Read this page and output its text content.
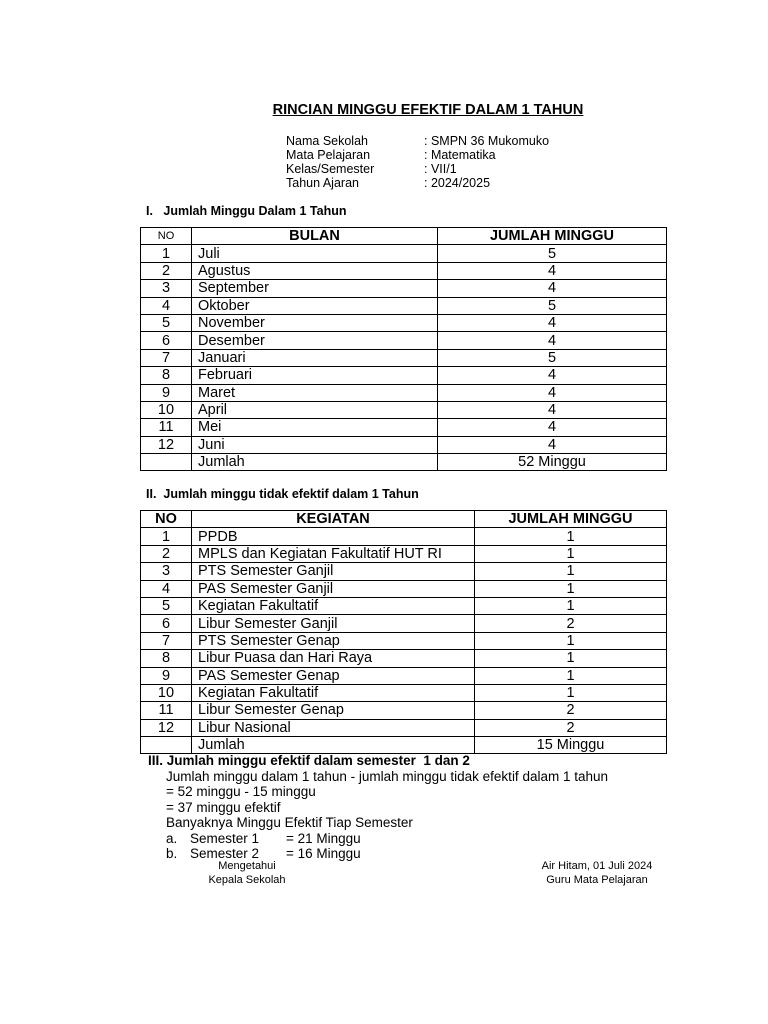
RINCIAN MINGGU EFEKTIF DALAM 1 TAHUN
Nama Sekolah	: SMPN 36 Mukomuko
Mata Pelajaran	: Matematika
Kelas/Semester	: VII/1
Tahun Ajaran	: 2024/2025
I.   Jumlah Minggu Dalam 1 Tahun
NO	BULAN	JUMLAH MINGGU
1	Juli	5
2	Agustus	4
3	September	4
4	Oktober	5
5	November	4
6	Desember	4
7	Januari	5
8	Februari	4
9	Maret	4
10	April	4
11	Mei	4
12	Juni	4
	Jumlah	52 Minggu
II.  Jumlah minggu tidak efektif dalam 1 Tahun
NO	KEGIATAN	JUMLAH MINGGU
1	PPDB	1
2	MPLS dan Kegiatan Fakultatif HUT RI	1
3	PTS Semester Ganjil	1
4	PAS Semester Ganjil	1
5	Kegiatan Fakultatif	1
6	Libur Semester Ganjil	2
7	PTS Semester Genap	1
8	Libur Puasa dan Hari Raya	1
9	PAS Semester Genap	1
10	Kegiatan Fakultatif	1
11	Libur Semester Genap	2
12	Libur Nasional	2
	Jumlah	15 Minggu
III. Jumlah minggu efektif dalam semester  1 dan 2
Jumlah minggu dalam 1 tahun - jumlah minggu tidak efektif dalam 1 tahun
= 52 minggu - 15 minggu
= 37 minggu efektif
Banyaknya Minggu Efektif Tiap Semester
a. Semester 1	= 21 Minggu
b. Semester 2	= 16 Minggu
Mengetahui
Kepala Sekolah
Air Hitam, 01 Juli 2024
Guru Mata Pelajaran
